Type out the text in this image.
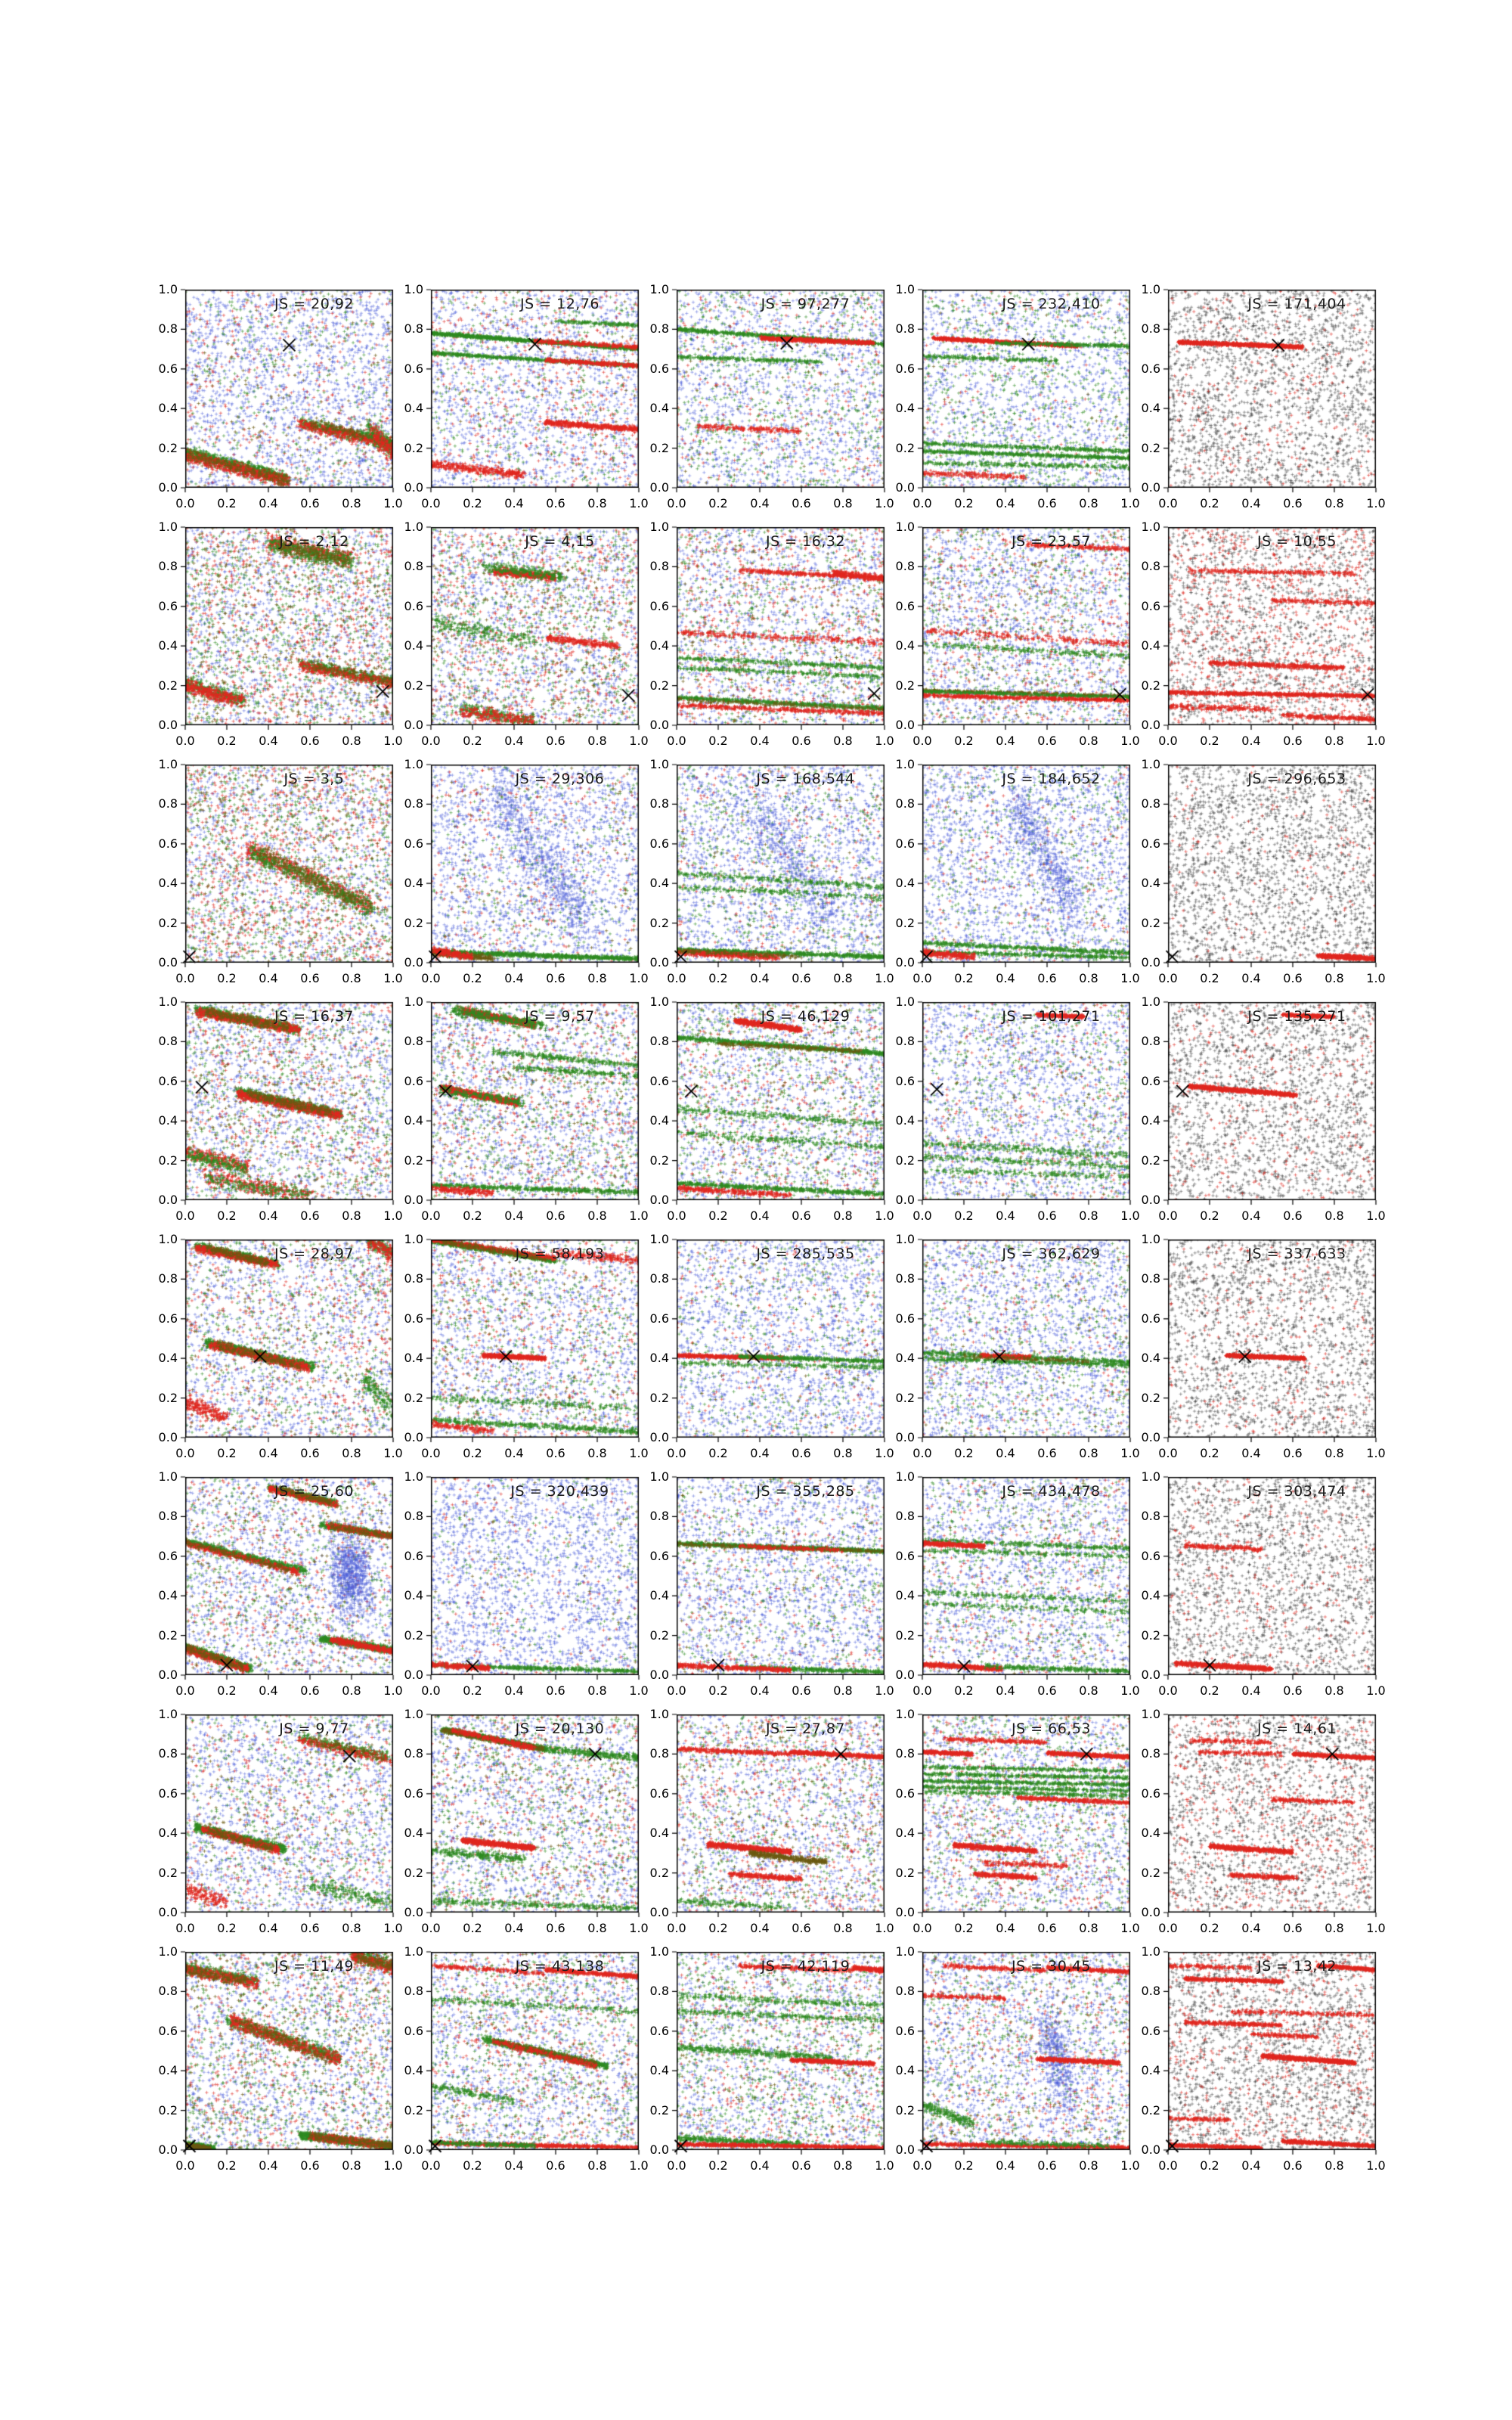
JS = 20,92
0.0
0.0
0.2
0.2
0.4
0.4
0.6
0.6
0.8
0.8
1.0
1.0
JS = 12,76
0.0
0.0
0.2
0.2
0.4
0.4
0.6
0.6
0.8
0.8
1.0
1.0
JS = 97,277
0.0
0.0
0.2
0.2
0.4
0.4
0.6
0.6
0.8
0.8
1.0
1.0
JS = 232,410
0.0
0.0
0.2
0.2
0.4
0.4
0.6
0.6
0.8
0.8
1.0
1.0
JS = 171,404
0.0
0.0
0.2
0.2
0.4
0.4
0.6
0.6
0.8
0.8
1.0
1.0
JS = 2,12
0.0
0.0
0.2
0.2
0.4
0.4
0.6
0.6
0.8
0.8
1.0
1.0
JS = 4,15
0.0
0.0
0.2
0.2
0.4
0.4
0.6
0.6
0.8
0.8
1.0
1.0
JS = 16,32
0.0
0.0
0.2
0.2
0.4
0.4
0.6
0.6
0.8
0.8
1.0
1.0
JS = 23,57
0.0
0.0
0.2
0.2
0.4
0.4
0.6
0.6
0.8
0.8
1.0
1.0
JS = 10,55
0.0
0.0
0.2
0.2
0.4
0.4
0.6
0.6
0.8
0.8
1.0
1.0
JS = 3,5
0.0
0.0
0.2
0.2
0.4
0.4
0.6
0.6
0.8
0.8
1.0
1.0
JS = 29,306
0.0
0.0
0.2
0.2
0.4
0.4
0.6
0.6
0.8
0.8
1.0
1.0
JS = 168,544
0.0
0.0
0.2
0.2
0.4
0.4
0.6
0.6
0.8
0.8
1.0
1.0
JS = 184,652
0.0
0.0
0.2
0.2
0.4
0.4
0.6
0.6
0.8
0.8
1.0
1.0
JS = 296,653
0.0
0.0
0.2
0.2
0.4
0.4
0.6
0.6
0.8
0.8
1.0
1.0
JS = 16,37
0.0
0.0
0.2
0.2
0.4
0.4
0.6
0.6
0.8
0.8
1.0
1.0
JS = 9,57
0.0
0.0
0.2
0.2
0.4
0.4
0.6
0.6
0.8
0.8
1.0
1.0
JS = 46,129
0.0
0.0
0.2
0.2
0.4
0.4
0.6
0.6
0.8
0.8
1.0
1.0
JS = 101,271
0.0
0.0
0.2
0.2
0.4
0.4
0.6
0.6
0.8
0.8
1.0
1.0
JS = 135,271
0.0
0.0
0.2
0.2
0.4
0.4
0.6
0.6
0.8
0.8
1.0
1.0
JS = 28,97
0.0
0.0
0.2
0.2
0.4
0.4
0.6
0.6
0.8
0.8
1.0
1.0
JS = 58,193
0.0
0.0
0.2
0.2
0.4
0.4
0.6
0.6
0.8
0.8
1.0
1.0
JS = 285,535
0.0
0.0
0.2
0.2
0.4
0.4
0.6
0.6
0.8
0.8
1.0
1.0
JS = 362,629
0.0
0.0
0.2
0.2
0.4
0.4
0.6
0.6
0.8
0.8
1.0
1.0
JS = 337,633
0.0
0.0
0.2
0.2
0.4
0.4
0.6
0.6
0.8
0.8
1.0
1.0
JS = 25,60
0.0
0.0
0.2
0.2
0.4
0.4
0.6
0.6
0.8
0.8
1.0
1.0
JS = 320,439
0.0
0.0
0.2
0.2
0.4
0.4
0.6
0.6
0.8
0.8
1.0
1.0
JS = 355,285
0.0
0.0
0.2
0.2
0.4
0.4
0.6
0.6
0.8
0.8
1.0
1.0
JS = 434,478
0.0
0.0
0.2
0.2
0.4
0.4
0.6
0.6
0.8
0.8
1.0
1.0
JS = 303,474
0.0
0.0
0.2
0.2
0.4
0.4
0.6
0.6
0.8
0.8
1.0
1.0
JS = 9,77
0.0
0.0
0.2
0.2
0.4
0.4
0.6
0.6
0.8
0.8
1.0
1.0
JS = 20,130
0.0
0.0
0.2
0.2
0.4
0.4
0.6
0.6
0.8
0.8
1.0
1.0
JS = 27,87
0.0
0.0
0.2
0.2
0.4
0.4
0.6
0.6
0.8
0.8
1.0
1.0
JS = 66,53
0.0
0.0
0.2
0.2
0.4
0.4
0.6
0.6
0.8
0.8
1.0
1.0
JS = 14,61
0.0
0.0
0.2
0.2
0.4
0.4
0.6
0.6
0.8
0.8
1.0
1.0
JS = 11,49
0.0
0.0
0.2
0.2
0.4
0.4
0.6
0.6
0.8
0.8
1.0
1.0
JS = 43,138
0.0
0.0
0.2
0.2
0.4
0.4
0.6
0.6
0.8
0.8
1.0
1.0
JS = 42,119
0.0
0.0
0.2
0.2
0.4
0.4
0.6
0.6
0.8
0.8
1.0
1.0
JS = 30,45
0.0
0.0
0.2
0.2
0.4
0.4
0.6
0.6
0.8
0.8
1.0
1.0
JS = 13,42
0.0
0.0
0.2
0.2
0.4
0.4
0.6
0.6
0.8
0.8
1.0
1.0
